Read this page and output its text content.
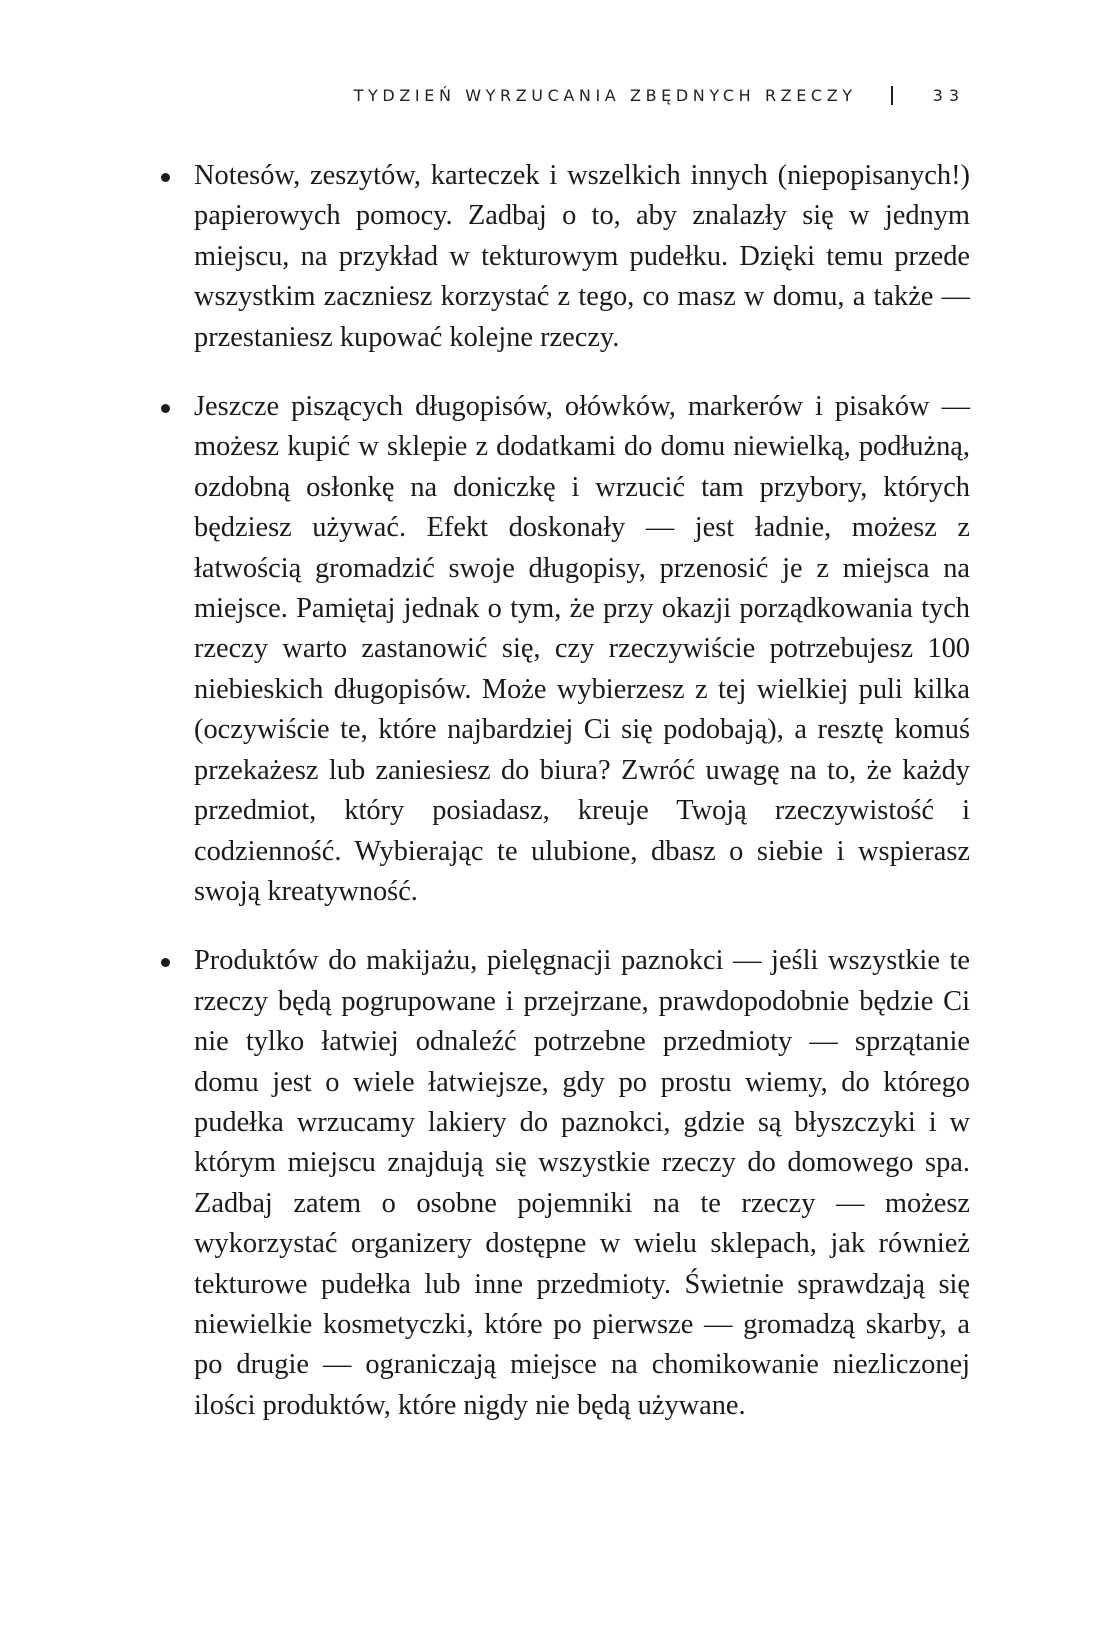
TYDZIEŃ WYRZUCANIA ZBĘDNYCH RZECZY	33
Notesów, zeszytów, karteczek i wszelkich innych (niepopisanych!) papierowych pomocy. Zadbaj o to, aby znalazły się w jednym miejscu, na przykład w tekturowym pudełku. Dzięki temu przede wszystkim zaczniesz korzystać z tego, co masz w domu, a także — przestaniesz kupować kolejne rzeczy.
Jeszcze piszących długopisów, ołówków, markerów i pisaków — możesz kupić w sklepie z dodatkami do domu niewielką, podłużną, ozdobną osłonkę na doniczkę i wrzucić tam przybory, których będziesz używać. Efekt doskonały — jest ładnie, możesz z łatwością gromadzić swoje długopisy, przenosić je z miejsca na miejsce. Pamiętaj jednak o tym, że przy okazji porządkowania tych rzeczy warto zastanowić się, czy rzeczywiście potrzebujesz 100 niebieskich długopisów. Może wybierzesz z tej wielkiej puli kilka (oczywiście te, które najbardziej Ci się podobają), a resztę komuś przekażesz lub zaniesiesz do biura? Zwróć uwagę na to, że każdy przedmiot, który posiadasz, kreuje Twoją rzeczywistość i codzienność. Wybierając te ulubione, dbasz o siebie i wspierasz swoją kreatywność.
Produktów do makijażu, pielęgnacji paznokci — jeśli wszystkie te rzeczy będą pogrupowane i przejrzane, prawdopodobnie będzie Ci nie tylko łatwiej odnaleźć potrzebne przedmioty — sprzątanie domu jest o wiele łatwiejsze, gdy po prostu wiemy, do którego pudełka wrzucamy lakiery do paznokci, gdzie są błyszczyki i w którym miejscu znajdują się wszystkie rzeczy do domowego spa. Zadbaj zatem o osobne pojemniki na te rzeczy — możesz wykorzystać organizery dostępne w wielu sklepach, jak również tekturowe pudełka lub inne przedmioty. Świetnie sprawdzają się niewielkie kosmetyczki, które po pierwsze — gromadzą skarby, a po drugie — ograniczają miejsce na chomikowanie niezliczonej ilości produktów, które nigdy nie będą używane.
